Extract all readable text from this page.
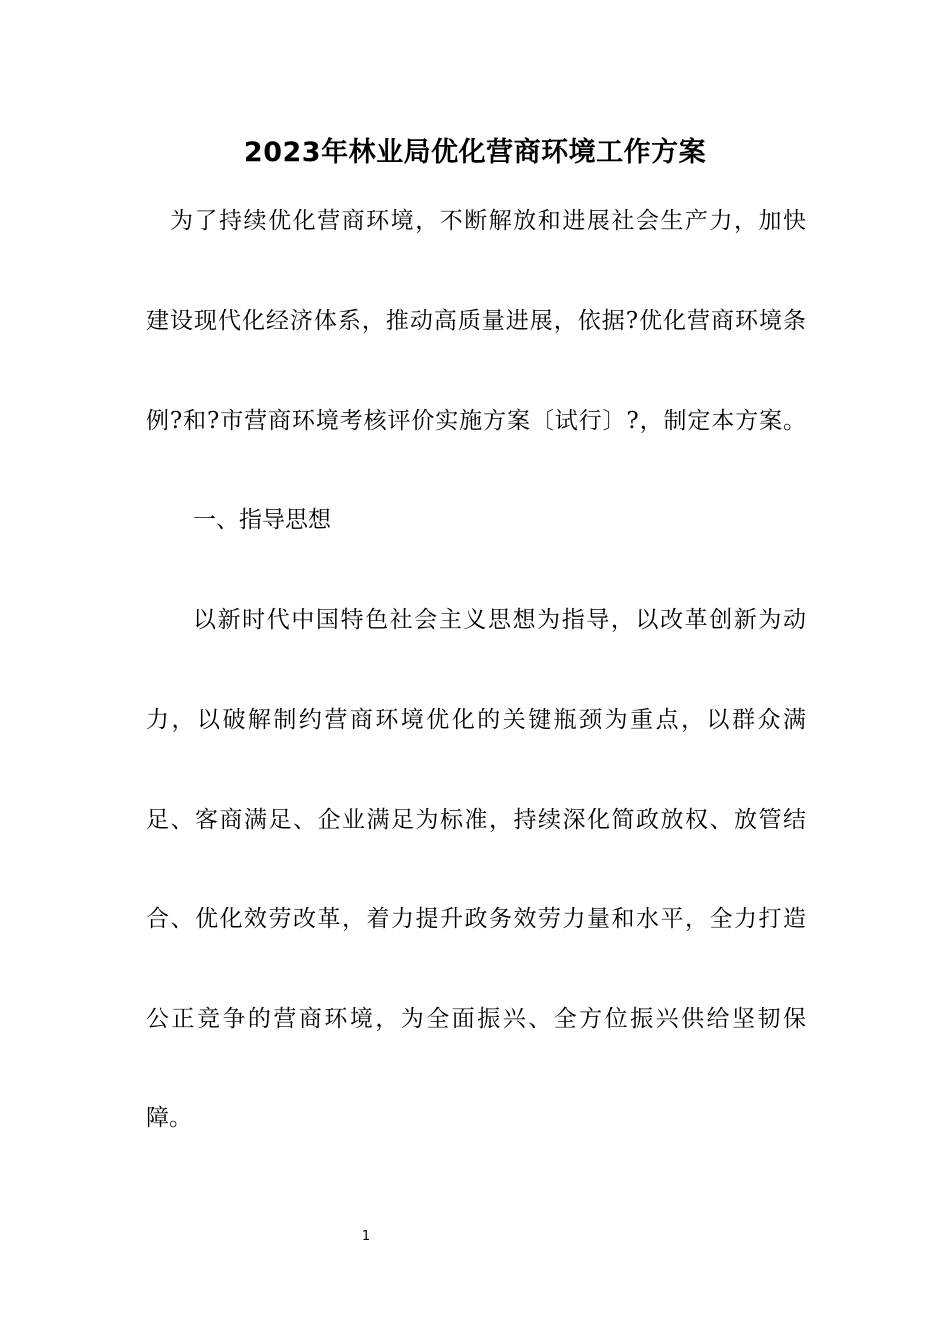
2023年林业局优化营商环境工作方案
为了持续优化营商环境，不断解放和进展社会生产力，加快
建设现代化经济体系，推动高质量进展，依据?优化营商环境条
例?和?市营商环境考核评价实施方案〔试行〕?，制定本方案。
一、指导思想
以新时代中国特色社会主义思想为指导，以改革创新为动
力，以破解制约营商环境优化的关键瓶颈为重点，以群众满
足、客商满足、企业满足为标准，持续深化简政放权、放管结
合、优化效劳改革，着力提升政务效劳力量和水平，全力打造
公正竞争的营商环境，为全面振兴、全方位振兴供给坚韧保
障。
1
